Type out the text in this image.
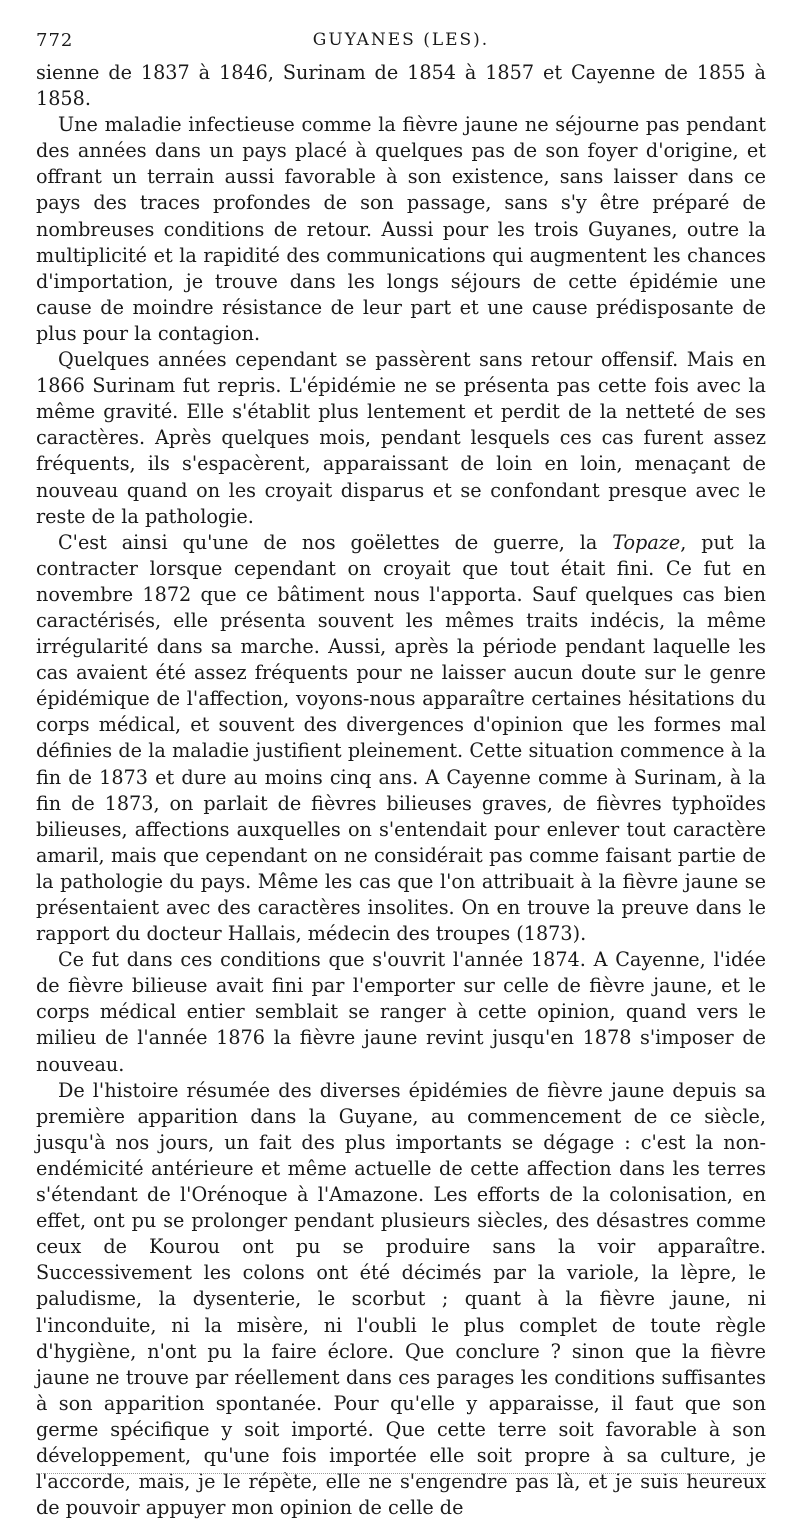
772	GUYANES (LES).

sienne de 1837 à 1846, Surinam de 1854 à 1857 et Cayenne de 1855 à 1858.

Une maladie infectieuse comme la fièvre jaune ne séjourne pas pendant des années dans un pays placé à quelques pas de son foyer d'origine, et offrant un terrain aussi favorable à son existence, sans laisser dans ce pays des traces profondes de son passage, sans s'y être préparé de nombreuses conditions de retour. Aussi pour les trois Guyanes, outre la multiplicité et la rapidité des communications qui augmentent les chances d'importation, je trouve dans les longs séjours de cette épidémie une cause de moindre résistance de leur part et une cause prédisposante de plus pour la contagion.

Quelques années cependant se passèrent sans retour offensif. Mais en 1866 Surinam fut repris. L'épidémie ne se présenta pas cette fois avec la même gravité. Elle s'établit plus lentement et perdit de la netteté de ses caractères. Après quelques mois, pendant lesquels ces cas furent assez fréquents, ils s'espacèrent, apparaissant de loin en loin, menaçant de nouveau quand on les croyait disparus et se confondant presque avec le reste de la pathologie.

C'est ainsi qu'une de nos goëlettes de guerre, la Topaze, put la contracter lorsque cependant on croyait que tout était fini. Ce fut en novembre 1872 que ce bâtiment nous l'apporta. Sauf quelques cas bien caractérisés, elle présenta souvent les mêmes traits indécis, la même irrégularité dans sa marche. Aussi, après la période pendant laquelle les cas avaient été assez fréquents pour ne laisser aucun doute sur le genre épidémique de l'affection, voyons-nous apparaître certaines hésitations du corps médical, et souvent des divergences d'opinion que les formes mal définies de la maladie justifient pleinement. Cette situation commence à la fin de 1873 et dure au moins cinq ans. A Cayenne comme à Surinam, à la fin de 1873, on parlait de fièvres bilieuses graves, de fièvres typhoïdes bilieuses, affections auxquelles on s'entendait pour enlever tout caractère amaril, mais que cependant on ne considérait pas comme faisant partie de la pathologie du pays. Même les cas que l'on attribuait à la fièvre jaune se présentaient avec des caractères insolites. On en trouve la preuve dans le rapport du docteur Hallais, médecin des troupes (1873).

Ce fut dans ces conditions que s'ouvrit l'année 1874. A Cayenne, l'idée de fièvre bilieuse avait fini par l'emporter sur celle de fièvre jaune, et le corps médical entier semblait se ranger à cette opinion, quand vers le milieu de l'année 1876 la fièvre jaune revint jusqu'en 1878 s'imposer de nouveau.

De l'histoire résumée des diverses épidémies de fièvre jaune depuis sa première apparition dans la Guyane, au commencement de ce siècle, jusqu'à nos jours, un fait des plus importants se dégage : c'est la non-endémicité antérieure et même actuelle de cette affection dans les terres s'étendant de l'Orénoque à l'Amazone. Les efforts de la colonisation, en effet, ont pu se prolonger pendant plusieurs siècles, des désastres comme ceux de Kourou ont pu se produire sans la voir apparaître. Successivement les colons ont été décimés par la variole, la lèpre, le paludisme, la dysenterie, le scorbut ; quant à la fièvre jaune, ni l'inconduite, ni la misère, ni l'oubli le plus complet de toute règle d'hygiène, n'ont pu la faire éclore. Que conclure ? sinon que la fièvre jaune ne trouve par réellement dans ces parages les conditions suffisantes à son apparition spontanée. Pour qu'elle y apparaisse, il faut que son germe spécifique y soit importé. Que cette terre soit favorable à son développement, qu'une fois importée elle soit propre à sa culture, je l'accorde, mais, je le répète, elle ne s'engendre pas là, et je suis heureux de pouvoir appuyer mon opinion de celle de
